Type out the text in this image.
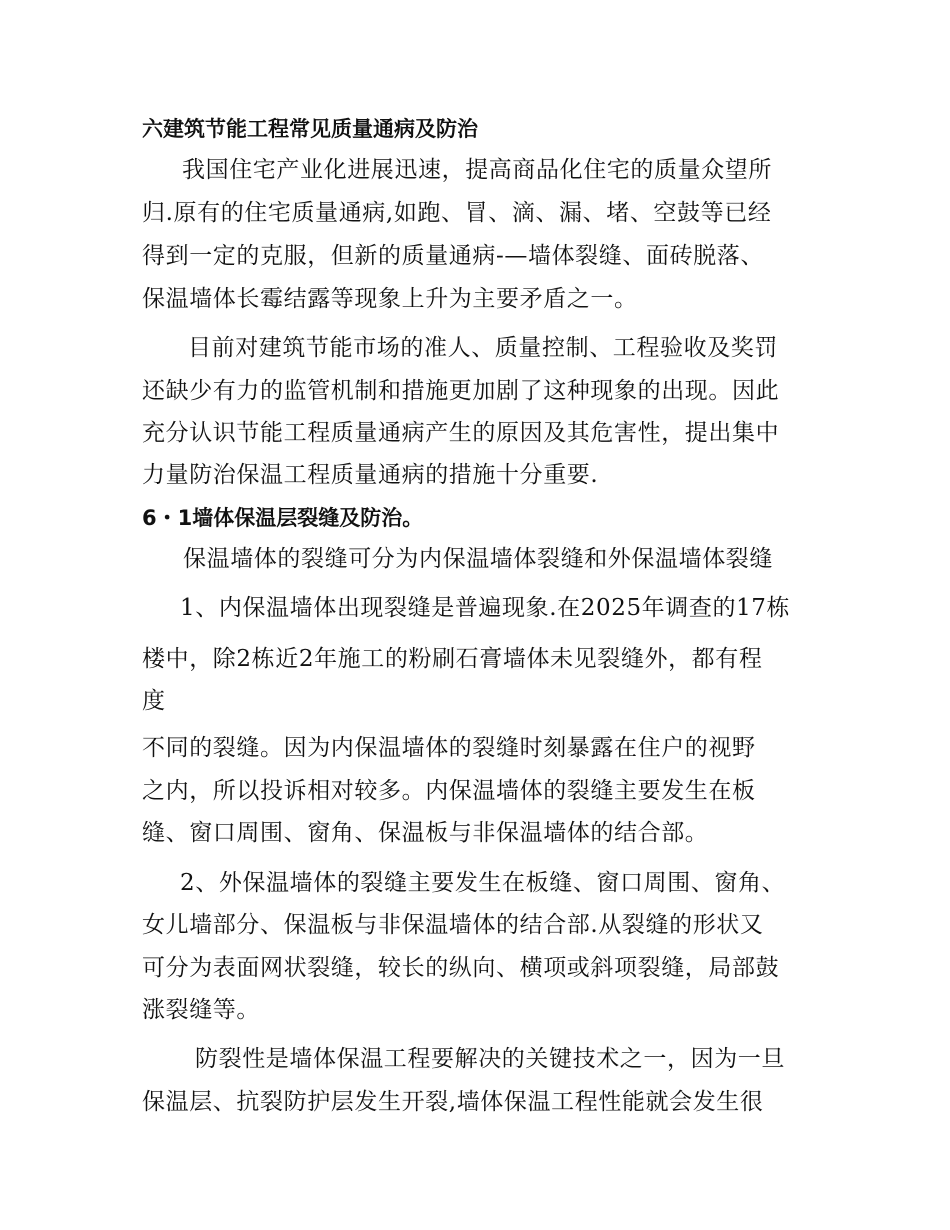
六建筑节能工程常见质量通病及防治

我国住宅产业化进展迅速，提高商品化住宅的质量众望所

归.原有的住宅质量通病,如跑、冒、滴、漏、堵、空鼓等已经

得到一定的克服，但新的质量通病-—墙体裂缝、面砖脱落、

保温墙体长霉结露等现象上升为主要矛盾之一。

目前对建筑节能市场的准人、质量控制、工程验收及奖罚

还缺少有力的监管机制和措施更加剧了这种现象的出现。因此

充分认识节能工程质量通病产生的原因及其危害性，提出集中

力量防治保温工程质量通病的措施十分重要.

6・1墙体保温层裂缝及防治。

保温墙体的裂缝可分为内保温墙体裂缝和外保温墙体裂缝

1、内保温墙体出现裂缝是普遍现象.在2025年调查的17栋

楼中，除2栋近2年施工的粉刷石膏墙体未见裂缝外，都有程

度

不同的裂缝。因为内保温墙体的裂缝时刻暴露在住户的视野

之内，所以投诉相对较多。内保温墙体的裂缝主要发生在板

缝、窗口周围、窗角、保温板与非保温墙体的结合部。

2、外保温墙体的裂缝主要发生在板缝、窗口周围、窗角、

女儿墙部分、保温板与非保温墙体的结合部.从裂缝的形状又

可分为表面网状裂缝，较长的纵向、横项或斜项裂缝，局部鼓

涨裂缝等。

防裂性是墙体保温工程要解决的关键技术之一，因为一旦

保温层、抗裂防护层发生开裂,墙体保温工程性能就会发生很
